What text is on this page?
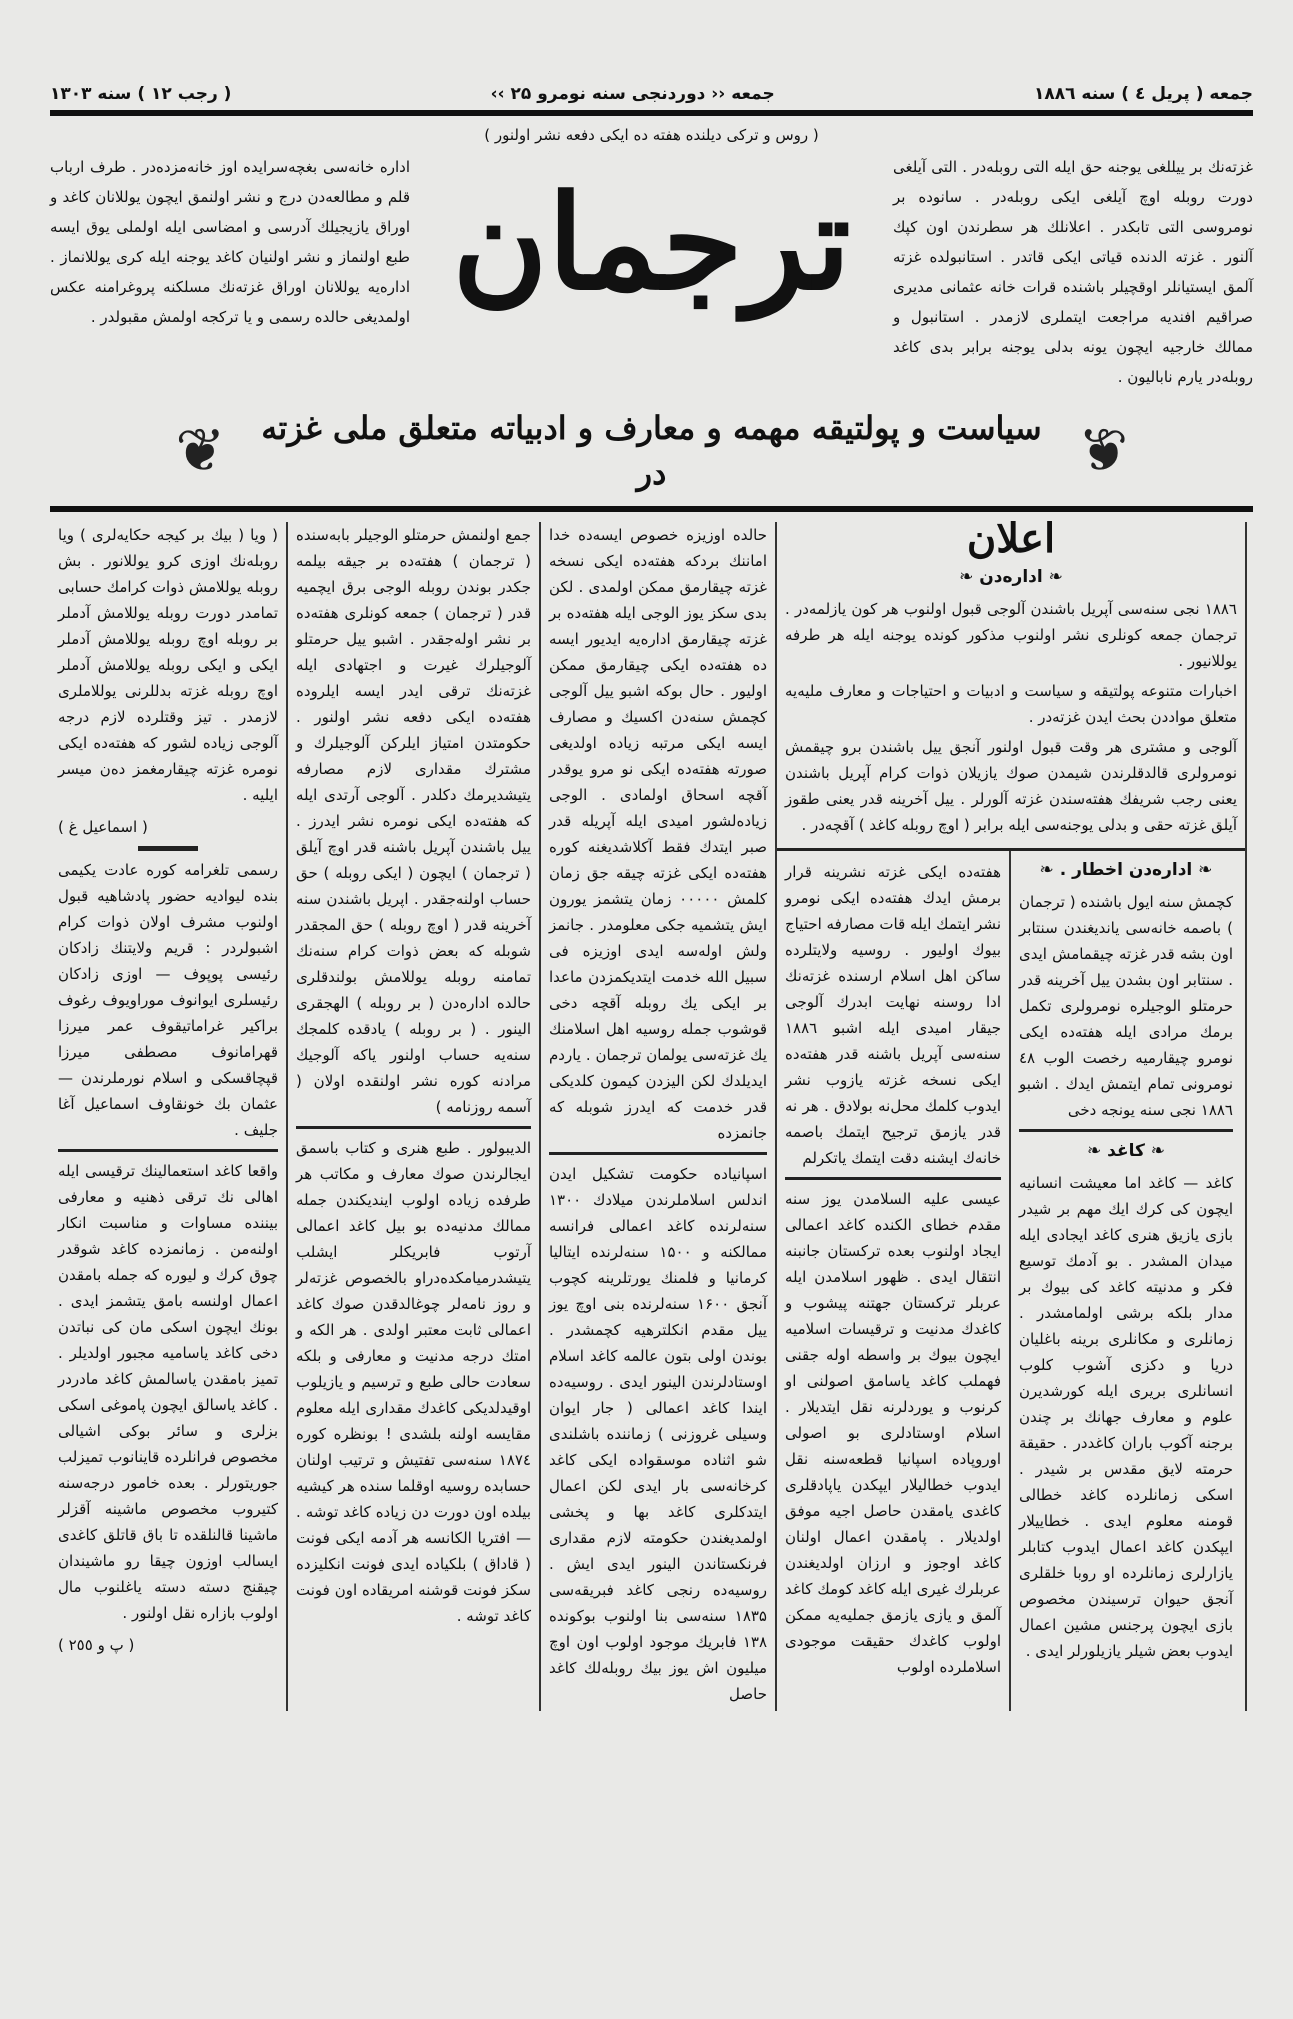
( رجب ۱۲ ) سنه ۱۳۰۳	جمعه ‹‹ دوردنجی سنه نومرو ۲۵ ››	جمعه ( پریل ٤ ) سنه ۱۸۸٦
( روس و ترکی دیلنده هفته ده ایکی دفعه نشر اولنور )
اداره خانه‌سی بغچه‌سرایده اوز خانه‌مزده‌در . طرف ارباب قلم و مطالعه‌دن درج و نشر اولنمق ایچون یوللانان کاغد و اوراق یازیجیلك آدرسی و امضاسی ایله اولملی یوق ایسه طبع اولنماز و نشر اولنیان کاغد یوجنه ایله کری یوللانماز . اداره‌یه یوللانان اوراق غزته‌نك مسلکنه پروغرامنه عکس اولمدیغی حالده رسمی و یا ترکجه اولمش مقبولدر . ترجمان	غزته‌نك بر ییللغی یوجنه حق ایله التی روبله‌در . التی آیلغی دورت روبله اوچ آیلغی ایکی روبله‌در . سانوده بر نومروسی التی تابکدر . اعلانلك هر سطرندن اون کپك آلنور . غزته الدنده قیاتی ایکی قاتدر . استانبولده غزته آلمق ایستیانلر اوقچیلر باشنده قرات خانه عثمانی مدیری صراقیم افندیه مراجعت ایتملری لازمدر . استانبول و ممالك خارجیه ایچون یونه بدلی یوجنه برابر بدی کاغد روبله‌در یارم نابالیون .
❦	سیاست و پولتیقه مهمه و معارف و ادبیاته متعلق ملی غزته در	❦

( ویا ( بیك بر کیجه حکایه‌لری ) ویا روبله‌نك اوزی کرو یوللانور . بش روبله یوللامش ذوات کرامك حسابی تمامدر دورت روبله یوللامش آدملر بر روبله اوچ روبله یوللامش آدملر ایکی و ایکی روبله یوللامش آدملر اوچ روبله غزته بدللرنی یوللاملری لازمدر . تیز وقتلرده لازم درجه آلوجی زیاده لشور که هفته‌ده ایکی نومره غزته چیقارمغمز ده‌ن میسر ایلیه .

( اسماعیل غ )

رسمی تلغرامه کوره عادت یکیمی بنده لیوادیه حضور پادشاهیه قبول اولنوب مشرف اولان ذوات کرام اشبولردر : قریم ولایتنك زادکان رئیسی پوپوف — اوزی زادکان رئیسلری ایوانوف موراویوف رغوف براکیر غراماتیقوف عمر میرزا قهرامانوف مصطفی میرزا قپچاقسکی و اسلام نورملرندن — عثمان بك خونقاوف اسماعیل آغا جلیف .

واقعا کاغد استعمالینك ترقیسی ایله اهالی نك ترقی ذهنیه و معارفی بیننده مساوات و مناسبت انکار اولنه‌من . زمانمزده کاغد شوقدر چوق کرك و لیوره که جمله بامقدن اعمال اولنسه بامق یتشمز ایدی . بونك ایچون اسکی مان کی نباتدن دخی کاغد یاسامیه مجبور اولدیلر . تمیز بامقدن یاسالمش کاغد مادر‌در . کاغد یاسالق ایچون پاموغی اسکی بزلری و سائر بوکی اشیالی مخصوص فرانلرده قاینانوب تمیزلب جوریتورلر . بعده خامور درجه‌سنه کتیروب مخصوص ماشینه آقزلر ماشینا قالنلقده تا باق قاتلق کاغدی ایسالب اوزون چیقا رو ماشیندان چیقنج دسته دسته یاغلنوب مال اولوب بازاره نقل اولنور .

( پ و ٢٥٥ )

جمع اولنمش حرمتلو الوجیلر بابه‌سنده ( ترجمان ) هفته‌ده بر جیقه بیلمه جکدر بوندن روبله الوجی برق ایچمیه قدر ( ترجمان ) جمعه کونلری هفته‌ده بر نشر اوله‌جقدر . اشبو ییل حرمتلو آلوجیلرك غیرت و اجتهادی ایله غزته‌نك ترقی ایدر ایسه ایلروده هفته‌ده ایکی دفعه نشر اولنور . حکومتدن امتیاز ایلرکن آلوجیلرك و مشترك مقداری لازم مصارفه یتیشدیرمك دکلدر . آلوجی آرتدی ایله که هفته‌ده ایکی نومره نشر ایدرز . ییل باشندن آپریل باشنه قدر اوچ آیلق ( ترجمان ) ایچون ( ایکی روبله ) حق حساب اولنه‌جقدر . اپریل باشندن سنه آخرینه قدر ( اوچ روبله ) حق المجقدر شوبله که بعض ذوات کرام سنه‌نك تمامنه روبله یوللامش بولندقلری حالده اداره‌دن ( بر روبله ) الهجقری الینور . ( بر روبله ) یادقده کلمجك سنه‌یه حساب اولنور یاکه آلوجیك مرادنه کوره نشر اولنقده اولان ( آسمه روزنامه )

الدیبولور . طبع هنری و کتاب باسمق ایجالرندن صوك معارف و مکاتب هر طرفده زیاده اولوب ایندیکندن جمله ممالك مدنیه‌ده بو بیل کاغد اعمالی آرتوب فابریکلر ایشلب یتیشدرمیامکده‌دراو بالخصوص غزته‌لر و روز نامه‌لر چوغالدقدن صوك کاغد اعمالی ثابت معتبر اولدی . هر الکه و امتك درجه مدنیت و معارفی و بلکه سعادت حالی طبع و ترسیم و یازیلوب اوقیدلدیکی کاغدك مقداری ایله معلوم مقایسه اولنه بلشدی ! بونظره کوره ۱۸۷٤ سنه‌سی تفتیش و ترتیب اولنان حسابده روسیه اوقلما سنده هر کیشیه بیلده اون دورت دن زیاده کاغد توشه . — افتریا الکانسه هر آدمه ایکی فونت ( قاداق ) بلکیاده ایدی فونت انکلیزده سکز فونت قوشنه امریقاده اون فونت کاغد توشه .

حالده اوزیزه خصوص ایسه‌ده خدا اماننك بردکه هفته‌ده ایکی نسخه غزته چیقارمق ممکن اولمدی . لکن بدی سکز یوز الوجی ایله هفته‌ده بر غزته چیقارمق اداره‌یه ایدیور ایسه ده هفته‌ده ایکی چیقارمق ممکن اولیور . حال بوکه اشبو ییل آلوجی کچمش سنه‌دن اکسیك و مصارف ایسه ایکی مرتبه زیاده اولدیغی صورته هفته‌ده ایکی نو مرو یوقدر آقچه اسحاق اولمادی . الوجی زیاده‌لشور امیدی ایله آپریله قدر صبر ایتدك فقط آکلاشدیغنه کوره هفته‌ده ایکی غزته چیقه جق زمان کلمش ۰۰۰۰۰ زمان یتشمز یورون ایش یتشمیه جکی معلومدر . جانمز ولش اوله‌سه ایدی اوزیزه فی سبیل الله خدمت ایتدیکمزدن ماعدا بر ایکی یك روبله آقچه دخی قوشوب جمله روسیه اهل اسلامنك یك غزته‌سی یولمان ترجمان . یاردم ایدیلدك لکن الیزدن کیمون کلدیکی قدر خدمت که ایدرز شوبله که جانمزده

اسپانیاده حکومت تشکیل ایدن اندلس اسلاملرندن میلادك ۱۳۰۰ سنه‌لرنده کاغد اعمالی فرانسه ممالکنه و ۱۵۰۰ سنه‌لرنده ایتالیا کرمانیا و فلمنك یورتلرینه کچوب آنجق ۱۶۰۰ سنه‌لرنده بنی اوچ یوز ییل مقدم انکلترهیه کچمشدر . بوندن اولی بتون عالمه کاغد اسلام اوستادلرندن الینور ایدی . روسیه‌ده ایندا کاغد اعمالی ( جار ایوان وسیلی غروزنی ) زماننده باشلندی شو اثناده موسقواده ایکی کاغد کرخانه‌سی بار ایدی لکن اعمال ایتدکلری کاغد بها و پخشی اولمدیغندن حکومته لازم مقداری فرنکستاندن الینور ایدی ایش . روسیه‌ده رنجی کاغد فبریقه‌سی ۱۸۳۵ سنه‌سی بنا اولنوب بوکونده ۱۳۸ فابریك موجود اولوب اون اوچ میلیون اش یوز بیك روبله‌لك کاغد حاصل

اعلان
❧ اداره‌دن ❧

۱۸۸٦ نجی سنه‌سی آپریل باشندن آلوجی قبول اولنوب هر کون یازلمه‌در . ترجمان جمعه کونلری نشر اولنوب مذکور کونده یوجنه ایله هر طرفه یوللانیور .

اخبارات متنوعه پولتیقه و سیاست و ادبیات و احتیاجات و معارف ملیه‌یه متعلق مواددن بحث ایدن غزته‌در .

آلوجی و مشتری هر وقت قبول اولنور آنجق ییل باشندن برو چیقمش نومرولری قالدقلرندن شیمدن صوك یازیلان ذوات کرام آپریل باشندن یعنی رجب شریفك هفته‌سندن غزته آلورلر . ییل آخرینه قدر یعنی طقوز آیلق غزته حقی و بدلی یوجنه‌سی ایله برابر ( اوچ روبله کاغد ) آقچه‌در .

هفته‌ده ایکی غزته نشرینه قرار برمش ایدك هفته‌ده ایکی نومرو نشر ایتمك ایله قات مصارفه احتیاج بیوك اولیور . روسیه ولایتلرده ساکن اهل اسلام ارسنده غزته‌نك ادا روسنه نهایت ابدرك آلوجی جیقار امیدی ایله اشبو ۱۸۸٦ سنه‌سی آپریل باشنه قدر هفته‌ده ایکی نسخه غزته یازوب نشر ایدوب کلمك محل‌نه بولادق . هر نه قدر یازمق ترجیح ایتمك باصمه خانه‌ك ایشنه دقت ایتمك یاتکرلم

عیسی علیه السلامدن یوز سنه مقدم خطای الکنده کاغد اعمالی ایجاد اولنوب بعده ترکستان جانبنه انتقال ایدی . ظهور اسلامدن ایله عربلر ترکستان جهتنه پیشوب و کاغدك مدنیت و ترقیسات اسلامیه ایچون بیوك بر واسطه اوله جقنی فهملب کاغد یاسامق اصولنی او کرنوب و یوردلرنه نقل ایتدیلار . اسلام اوستادلری بو اصولی اوروپاده اسپانیا قطعه‌سنه نقل ایدوب خطالیلار ایپکدن یاپادقلری کاغدی یامقدن حاصل اجیه موفق اولدیلار . پامقدن اعمال اولنان کاغد اوجوز و ارزان اولدیغندن عربلرك غیری ایله کاغد کومك کاغد آلمق و یازی یازمق جملیه‌یه ممکن اولوب کاغدك حقیقت موجودی اسلاملرده اولوب

❧ اداره‌دن اخطار . ❧

کچمش سنه ایول باشنده ( ترجمان ) باصمه خانه‌سی یاندیغندن سنتابر اون بشه قدر غزته چیقمامش ایدی . سنتابر اون بشدن ییل آخرینه قدر حرمتلو الوجیلره نومرولری تکمل برمك مرادی ایله هفته‌ده ایکی نومرو چیقارمیه رخصت الوب ٤۸ نومرونی تمام ایتمش ایدك . اشبو ۱۸۸٦ نجی سنه یونجه دخی

❧ کاغد ❧

کاغد — کاغد اما معیشت انسانیه ایچون کی کرك ایك مهم بر شیدر بازی یازیق هنری کاغد ایجادی ایله میدان المشدر . بو آدمك توسیع فکر و مدنیته کاغد کی بیوك بر مدار بلکه برشی اولمامشدر . زمانلری و مکانلری برینه باغلیان دریا و دکزی آشوب کلوب انسانلری بریری ایله کورشدیرن علوم و معارف جهانك بر چندن برجنه آکوب باران کاغد‌در . حقیقة حرمته لایق مقدس بر شیدر . اسکی زمانلرده کاغد خطالی قومنه معلوم ایدی . خطاییلار ایپکدن کاغد اعمال ایدوب کتابلر یازارلری زمانلرده او روبا خلقلری آنجق حیوان ترسیندن مخصوص بازی ایچون پرجنس مشین اعمال ایدوب بعض شیلر یازیلورلر ایدی .
